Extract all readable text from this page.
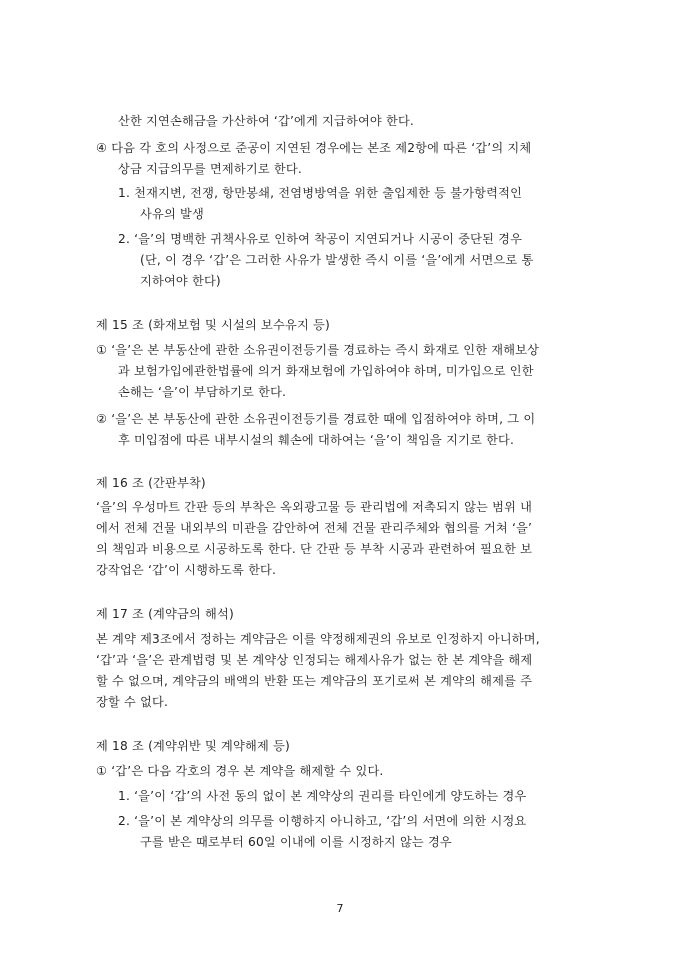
산한 지연손해금을 가산하여 ‘갑’에게 지급하여야 한다.
④ 다음 각 호의 사정으로 준공이 지연된 경우에는 본조 제2항에 따른 ‘갑’의 지체
상금 지급의무를 면제하기로 한다.
1. 천재지변, 전쟁, 항만봉쇄, 전염병방역을 위한 출입제한 등 불가항력적인
사유의 발생
2. ‘을’의 명백한 귀책사유로 인하여 착공이 지연되거나 시공이 중단된 경우
(단, 이 경우 ‘갑’은 그러한 사유가 발생한 즉시 이를 ‘을’에게 서면으로 통
지하여야 한다)
제 15 조 (화재보험 및 시설의 보수유지 등)
① ‘을’은 본 부동산에 관한 소유권이전등기를 경료하는 즉시 화재로 인한 재해보상
과 보험가입에관한법률에 의거 화재보험에 가입하여야 하며, 미가입으로 인한
손해는 ‘을’이 부담하기로 한다.
② ‘을’은 본 부동산에 관한 소유권이전등기를 경료한 때에 입점하여야 하며, 그 이
후 미입점에 따른 내부시설의 훼손에 대하여는 ‘을’이 책임을 지기로 한다.
제 16 조 (간판부착)
‘을’의 우성마트 간판 등의 부착은 옥외광고물 등 관리법에 저촉되지 않는 범위 내
에서 전체 건물 내외부의 미관을 감안하여 전체 건물 관리주체와 협의를 거쳐 ‘을’
의 책임과 비용으로 시공하도록 한다. 단 간판 등 부착 시공과 관련하여 필요한 보
강작업은 ‘갑’이 시행하도록 한다.
제 17 조 (계약금의 해석)
본 계약 제3조에서 정하는 계약금은 이를 약정해제권의 유보로 인정하지 아니하며,
‘갑’과 ‘을’은 관계법령 및 본 계약상 인정되는 해제사유가 없는 한 본 계약을 해제
할 수 없으며, 계약금의 배액의 반환 또는 계약금의 포기로써 본 계약의 해제를 주
장할 수 없다.
제 18 조 (계약위반 및 계약해제 등)
① ‘갑’은 다음 각호의 경우 본 계약을 해제할 수 있다.
1. ‘을’이 ‘갑’의 사전 동의 없이 본 계약상의 권리를 타인에게 양도하는 경우
2. ‘을’이 본 계약상의 의무를 이행하지 아니하고, ‘갑’의 서면에 의한 시정요
구를 받은 때로부터 60일 이내에 이를 시정하지 않는 경우
7
